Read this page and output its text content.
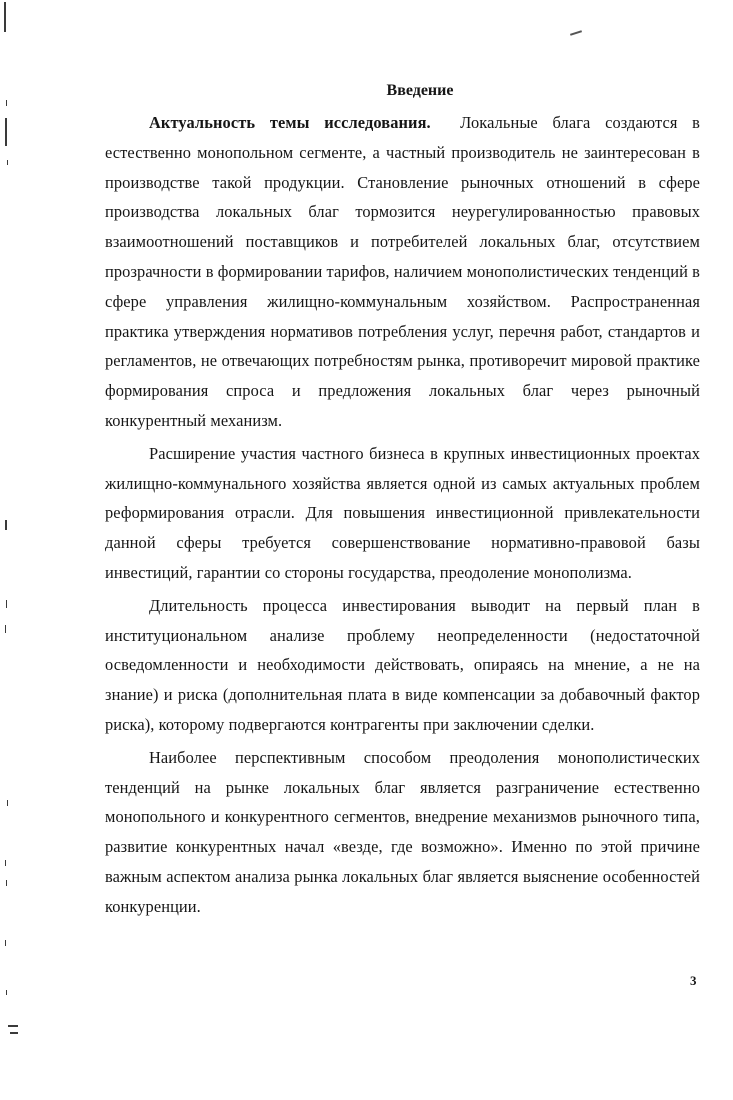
Введение

Актуальность темы исследования. Локальные блага создаются в естественно монопольном сегменте, а частный производитель не заинтересован в производстве такой продукции. Становление рыночных отношений в сфере производства локальных благ тормозится неурегулированностью правовых взаимоотношений поставщиков и потребителей локальных благ, отсутствием прозрачности в формировании тарифов, наличием монополистических тенденций в сфере управления жилищно-коммунальным хозяйством. Распространенная практика утверждения нормативов потребления услуг, перечня работ, стандартов и регламентов, не отвечающих потребностям рынка, противоречит мировой практике формирования спроса и предложения локальных благ через рыночный конкурентный механизм.

Расширение участия частного бизнеса в крупных инвестиционных проектах жилищно-коммунального хозяйства является одной из самых актуальных проблем реформирования отрасли. Для повышения инвестиционной привлекательности данной сферы требуется совершенствование нормативно-правовой базы инвестиций, гарантии со стороны государства, преодоление монополизма.

Длительность процесса инвестирования выводит на первый план в институциональном анализе проблему неопределенности (недостаточной осведомленности и необходимости действовать, опираясь на мнение, а не на знание) и риска (дополнительная плата в виде компенсации за добавочный фактор риска), которому подвергаются контрагенты при заключении сделки.

Наиболее перспективным способом преодоления монополистических тенденций на рынке локальных благ является разграничение естественно монопольного и конкурентного сегментов, внедрение механизмов рыночного типа, развитие конкурентных начал «везде, где возможно». Именно по этой причине важным аспектом анализа рынка локальных благ является выяснение особенностей конкуренции.

3
